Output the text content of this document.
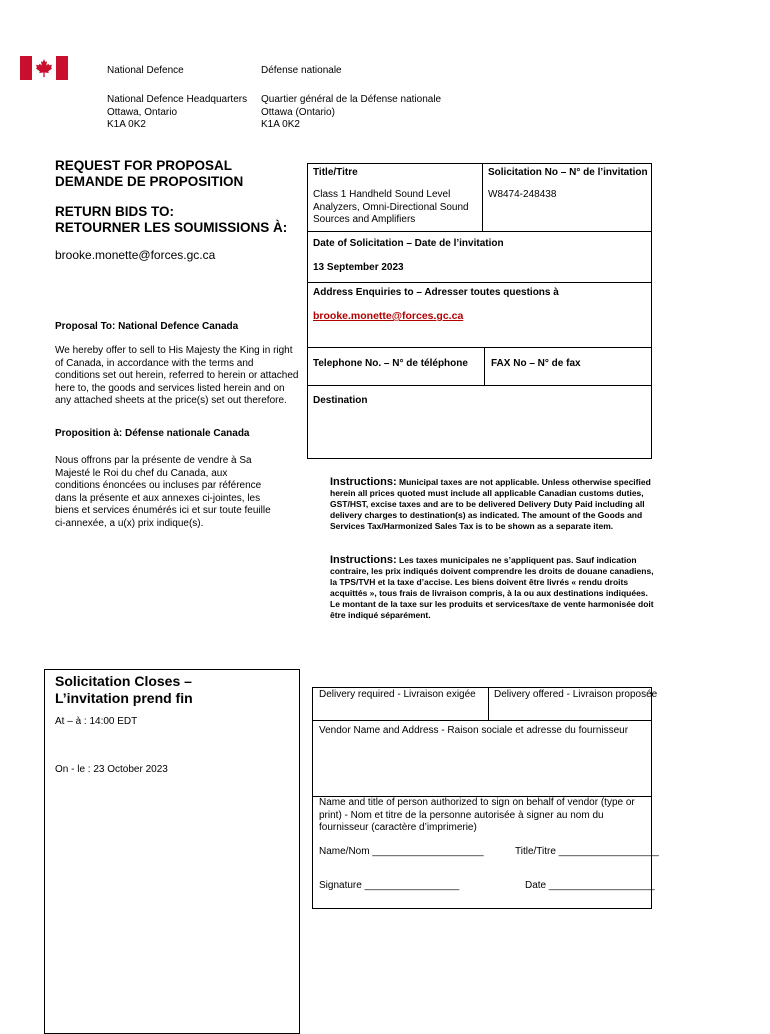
National Defence	Défense nationale
National Defence Headquarters
Ottawa, Ontario
K1A 0K2
Quartier général de la Défense nationale
Ottawa (Ontario)
K1A 0K2
REQUEST FOR PROPOSAL
DEMANDE DE PROPOSITION
RETURN BIDS TO:
RETOURNER LES SOUMISSIONS À:
brooke.monette@forces.gc.ca
Proposal To: National Defence Canada
We hereby offer to sell to His Majesty the King in right of Canada, in accordance with the terms and conditions set out herein, referred to herein or attached here to, the goods and services listed herein and on any attached sheets at the price(s) set out therefore.
Proposition à: Défense nationale Canada
Nous offrons par la présente de vendre à Sa Majesté le Roi du chef du Canada, aux conditions énoncées ou incluses par référence dans la présente et aux annexes ci-jointes, les biens et services énumérés ici et sur toute feuille ci-annexée, a u(x) prix indique(s).
Title/Titre
Class 1 Handheld Sound Level Analyzers, Omni-Directional Sound Sources and Amplifiers
Solicitation No – N° de l’invitation
W8474-248438
Date of Solicitation – Date de l’invitation
13 September 2023
Address Enquiries to – Adresser toutes questions à
brooke.monette@forces.gc.ca
Telephone No. – N° de téléphone FAX No – N° de fax
Destination
Instructions: Municipal taxes are not applicable. Unless otherwise specified herein all prices quoted must include all applicable Canadian customs duties, GST/HST, excise taxes and are to be delivered Delivery Duty Paid including all delivery charges to destination(s) as indicated. The amount of the Goods and Services Tax/Harmonized Sales Tax is to be shown as a separate item.
Instructions: Les taxes municipales ne s’appliquent pas. Sauf indication contraire, les prix indiqués doivent comprendre les droits de douane canadiens, la TPS/TVH et la taxe d’accise. Les biens doivent être livrés « rendu droits acquittés », tous frais de livraison compris, à la ou aux destinations indiquées. Le montant de la taxe sur les produits et services/taxe de vente harmonisée doit être indiqué séparément.
Solicitation Closes –
L’invitation prend fin
At – à : 14:00 EDT
On - le : 23 October 2023
Delivery required - Livraison exigée Delivery offered - Livraison proposée
Vendor Name and Address - Raison sociale et adresse du fournisseur
Name and title of person authorized to sign on behalf of vendor (type or print) - Nom et titre de la personne autorisée à signer au nom du fournisseur (caractère d’imprimerie)
Name/Nom ____________________	Title/Titre __________________
Signature _________________	Date ___________________
